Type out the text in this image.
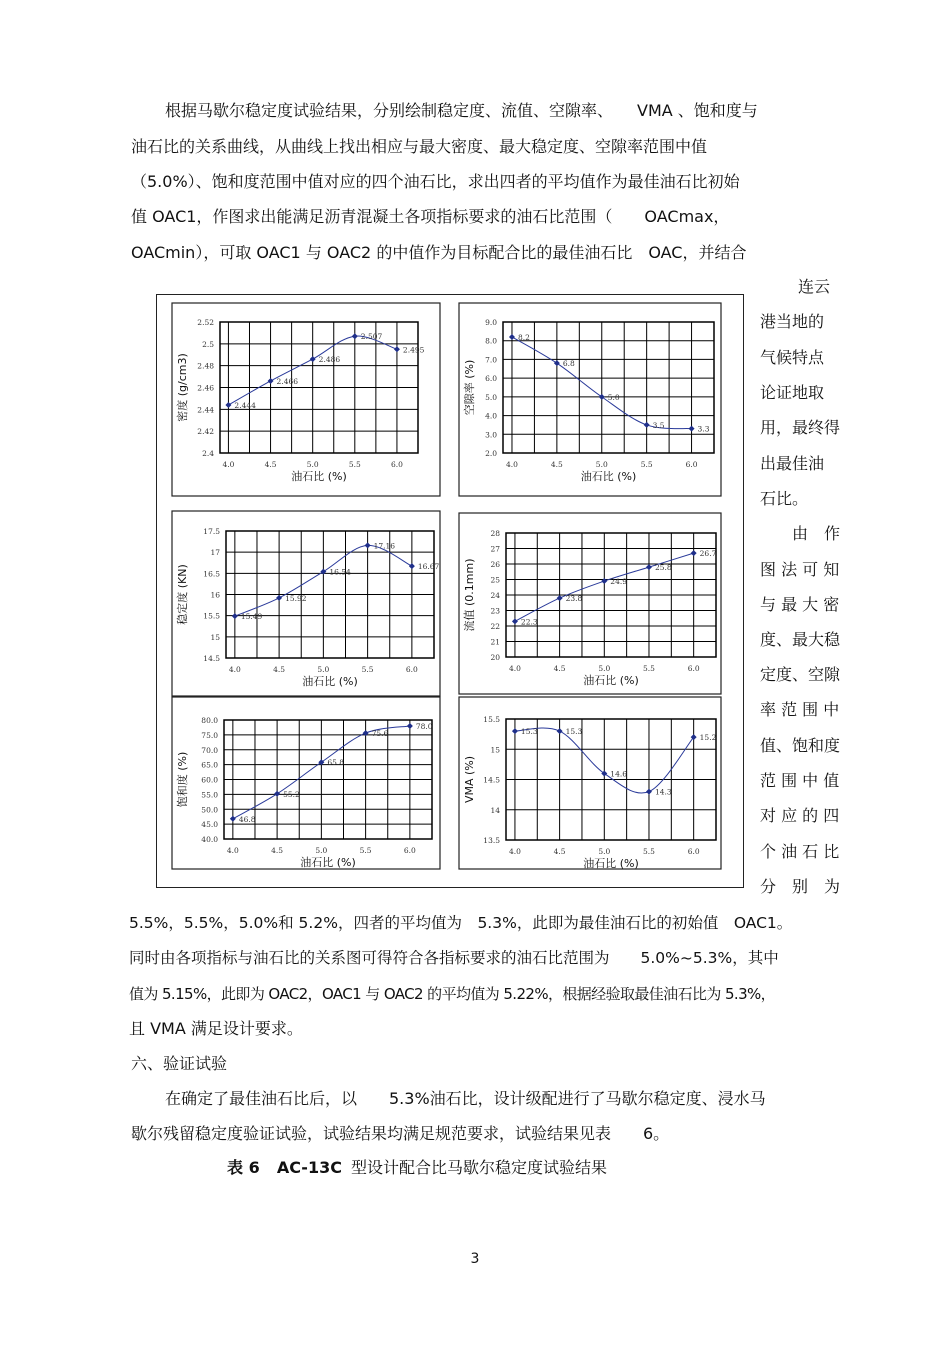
根据马歇尔稳定度试验结果，分别绘制稳定度、流值、空隙率、　　VMA 、饱和度与
油石比的关系曲线，从曲线上找出相应与最大密度、最大稳定度、空隙率范围中值
（5.0%）、饱和度范围中值对应的四个油石比，求出四者的平均值作为最佳油石比初始
值 OAC1，作图求出能满足沥青混凝土各项指标要求的油石比范围（　　OACmax，
OACmin），可取 OAC1 与 OAC2 的中值作为目标配合比的最佳油石比　OAC，并结合
连云
港当地的
气候特点
论证地取
用，最终得
出最佳油
石比。
由　作
图 法 可 知
与 最 大 密
度、最大稳
定度、空隙
率 范 围 中
值、饱和度
范 围 中 值
对 应 的 四
个 油 石 比
分　别　为
2.4
2.42
2.44
2.46
2.48
2.5
2.52
4.0	4.5	5.0	5.5	6.0
油石比 (%)
密度 (g/cm3)	2.444
2.466
2.486
2.507
2.495
2.0
3.0
4.0
5.0
6.0
7.0
8.0
9.0
4.0	4.5	5.0	5.5	6.0
油石比 (%)
空隙率 (%)
8.2
6.8
5.0
3.5	3.3
14.5
15
15.5
16
16.5
17
17.5
4.0	4.5	5.0	5.5	6.0
油石比 (%)
稳定度 (KN)	15.49
15.92
16.54
17.16
16.67
20
21
22
23
24
25
26
27
28
4.0	4.5	5.0	5.5	6.0
油石比 (%)
流值 (0.1mm)	22.3
23.8
24.9
25.8
26.7
40.0
45.0
50.0
55.0
60.0
65.0
70.0
75.0
80.0
4.0	4.5	5.0	5.5	6.0
油石比 (%)
饱和度 (%)
46.8
55.2
65.8
75.6
78.0
13.5
14
14.5
15
15.5
4.0	4.5	5.0	5.5	6.0
油石比 (%)
VMA (%)
15.3	15.3
14.6
14.3
15.2
5.5%，5.5%，5.0%和 5.2%，四者的平均值为　5.3%，此即为最佳油石比的初始值　OAC1。
同时由各项指标与油石比的关系图可得符合各指标要求的油石比范围为　　5.0%~5.3%，其中
值为 5.15%，此即为 OAC2，OAC1 与 OAC2 的平均值为 5.22%，根据经验取最佳油石比为 5.3%，
且 VMA 满足设计要求。
六、验证试验
在确定了最佳油石比后，以　　5.3%油石比，设计级配进行了马歇尔稳定度、浸水马
歇尔残留稳定度验证试验，试验结果均满足规范要求，试验结果见表　　6。
表 6 AC-13C 型设计配合比马歇尔稳定度试验结果
3
